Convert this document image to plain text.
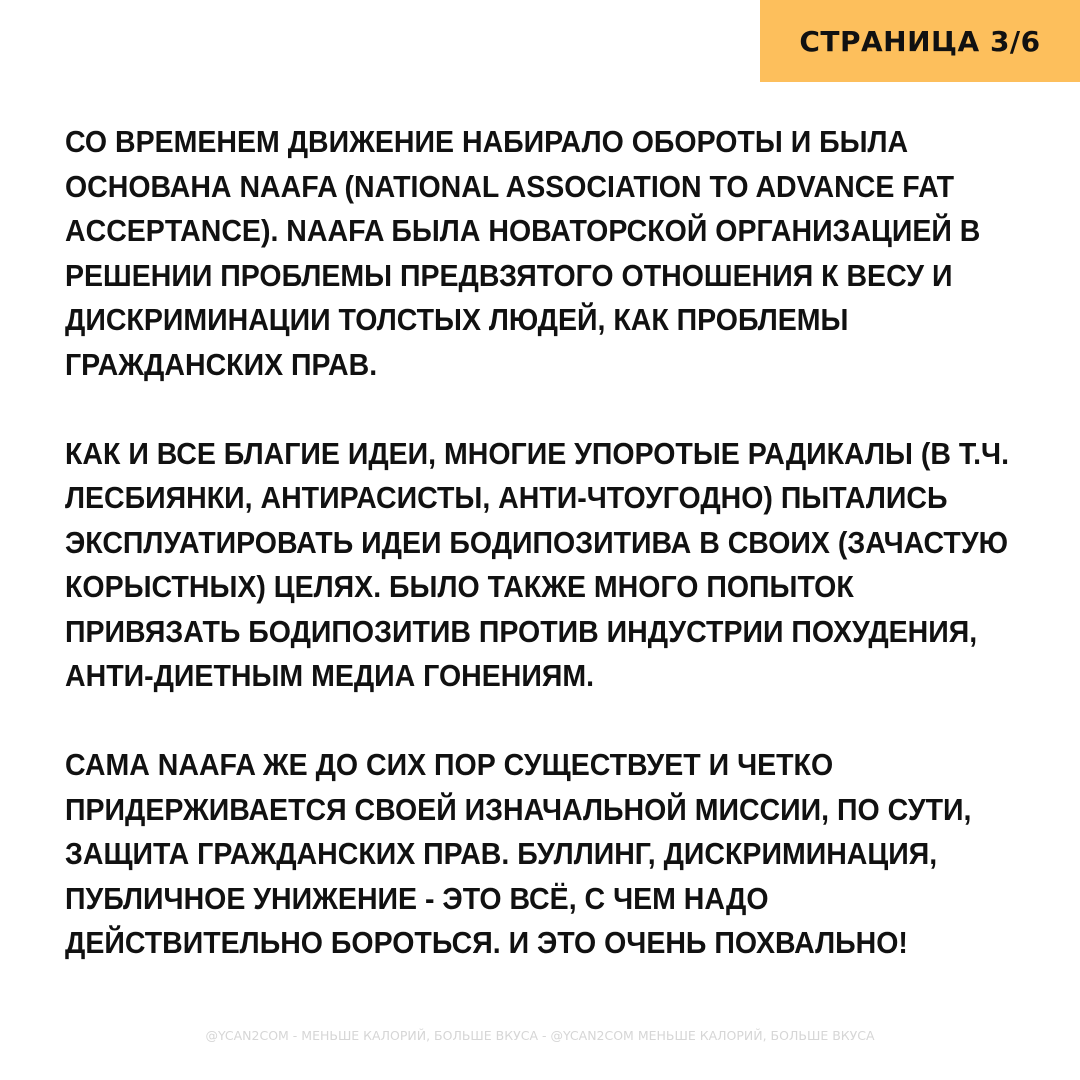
СТРАНИЦА 3/6
СО ВРЕМЕНЕМ ДВИЖЕНИЕ НАБИРАЛО ОБОРОТЫ И БЫЛА
ОСНОВАНА NAAFA (NATIONAL ASSOCIATION TO ADVANCE FAT
ACCEPTANCE). NAAFA БЫЛА НОВАТОРСКОЙ ОРГАНИЗАЦИЕЙ В
РЕШЕНИИ ПРОБЛЕМЫ ПРЕДВЗЯТОГО ОТНОШЕНИЯ К ВЕСУ И
ДИСКРИМИНАЦИИ ТОЛСТЫХ ЛЮДЕЙ, КАК ПРОБЛЕМЫ
ГРАЖДАНСКИХ ПРАВ.
КАК И ВСЕ БЛАГИЕ ИДЕИ, МНОГИЕ УПОРОТЫЕ РАДИКАЛЫ (В Т.Ч.
ЛЕСБИЯНКИ, АНТИРАСИСТЫ, АНТИ-ЧТОУГОДНО) ПЫТАЛИСЬ
ЭКСПЛУАТИРОВАТЬ ИДЕИ БОДИПОЗИТИВА В СВОИХ (ЗАЧАСТУЮ
КОРЫСТНЫХ) ЦЕЛЯХ. БЫЛО ТАКЖЕ МНОГО ПОПЫТОК
ПРИВЯЗАТЬ БОДИПОЗИТИВ ПРОТИВ ИНДУСТРИИ ПОХУДЕНИЯ,
АНТИ-ДИЕТНЫМ МЕДИА ГОНЕНИЯМ.
САМА NAAFA ЖЕ ДО СИХ ПОР СУЩЕСТВУЕТ И ЧЕТКО
ПРИДЕРЖИВАЕТСЯ СВОЕЙ ИЗНАЧАЛЬНОЙ МИССИИ, ПО СУТИ,
ЗАЩИТА ГРАЖДАНСКИХ ПРАВ. БУЛЛИНГ, ДИСКРИМИНАЦИЯ,
ПУБЛИЧНОЕ УНИЖЕНИЕ - ЭТО ВСЁ, С ЧЕМ НАДО
ДЕЙСТВИТЕЛЬНО БОРОТЬСЯ. И ЭТО ОЧЕНЬ ПОХВАЛЬНО!
@YCAN2COM - МЕНЬШЕ КАЛОРИЙ, БОЛЬШЕ ВКУСА - @YCAN2COM МЕНЬШЕ КАЛОРИЙ, БОЛЬШЕ ВКУСА
